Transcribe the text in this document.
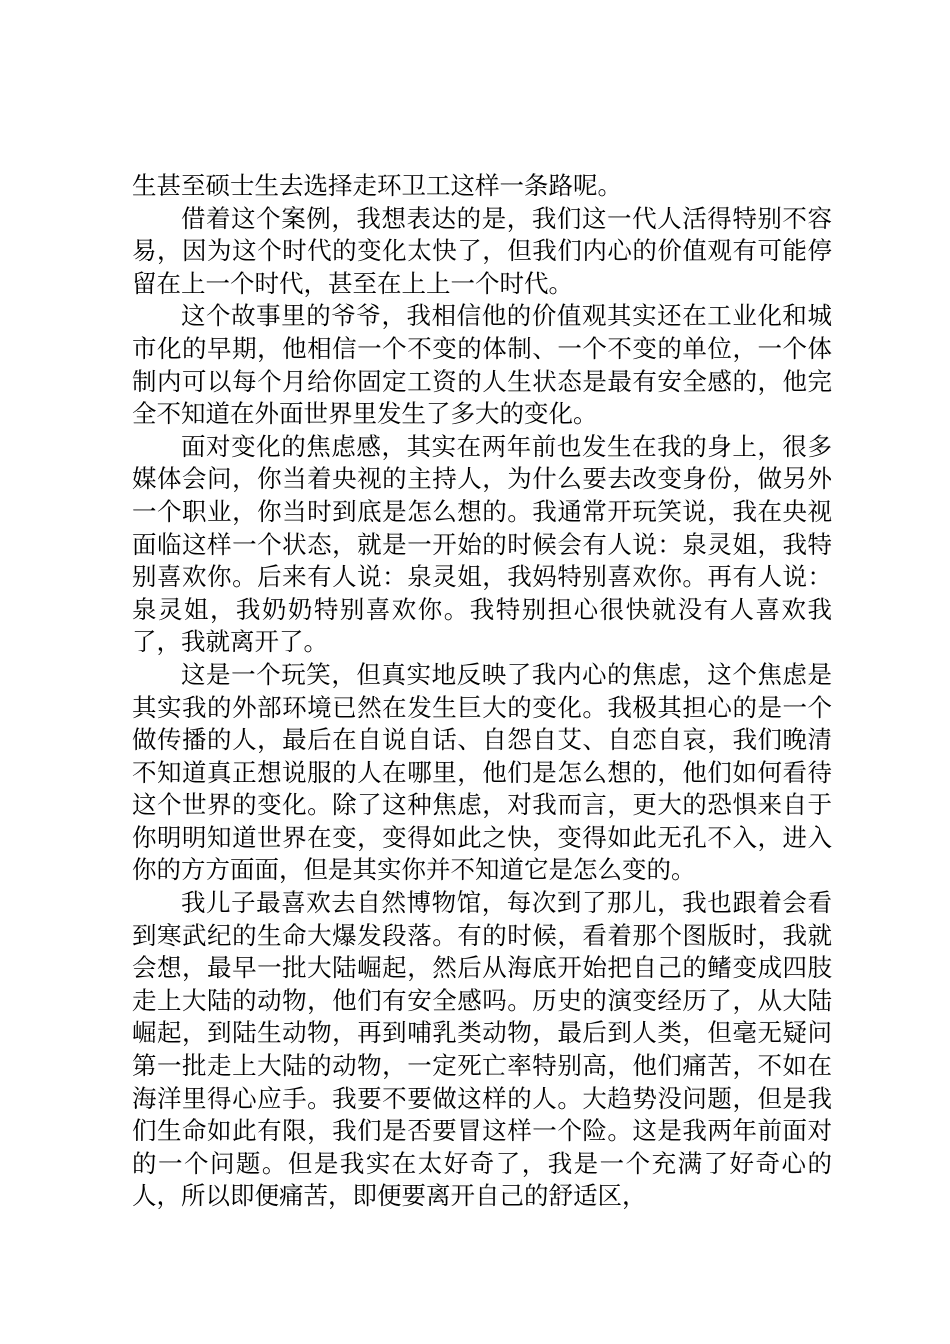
生甚至硕士生去选择走环卫工这样一条路呢。

借着这个案例，我想表达的是，我们这一代人活得特别不容易，因为这个时代的变化太快了，但我们内心的价值观有可能停留在上一个时代，甚至在上上一个时代。

这个故事里的爷爷，我相信他的价值观其实还在工业化和城市化的早期，他相信一个不变的体制、一个不变的单位，一个体制内可以每个月给你固定工资的人生状态是最有安全感的，他完全不知道在外面世界里发生了多大的变化。

面对变化的焦虑感，其实在两年前也发生在我的身上，很多媒体会问，你当着央视的主持人，为什么要去改变身份，做另外一个职业，你当时到底是怎么想的。我通常开玩笑说，我在央视面临这样一个状态，就是一开始的时候会有人说：泉灵姐，我特别喜欢你。后来有人说：泉灵姐，我妈特别喜欢你。再有人说：泉灵姐，我奶奶特别喜欢你。我特别担心很快就没有人喜欢我了，我就离开了。

这是一个玩笑，但真实地反映了我内心的焦虑，这个焦虑是其实我的外部环境已然在发生巨大的变化。我极其担心的是一个做传播的人，最后在自说自话、自怨自艾、自恋自哀，我们晚清不知道真正想说服的人在哪里，他们是怎么想的，他们如何看待这个世界的变化。除了这种焦虑，对我而言，更大的恐惧来自于你明明知道世界在变，变得如此之快，变得如此无孔不入，进入你的方方面面，但是其实你并不知道它是怎么变的。

我儿子最喜欢去自然博物馆，每次到了那儿，我也跟着会看到寒武纪的生命大爆发段落。有的时候，看着那个图版时，我就会想，最早一批大陆崛起，然后从海底开始把自己的鳍变成四肢走上大陆的动物，他们有安全感吗。历史的演变经历了，从大陆崛起，到陆生动物，再到哺乳类动物，最后到人类，但毫无疑问第一批走上大陆的动物，一定死亡率特别高，他们痛苦，不如在海洋里得心应手。我要不要做这样的人。大趋势没问题，但是我们生命如此有限，我们是否要冒这样一个险。这是我两年前面对的一个问题。但是我实在太好奇了，我是一个充满了好奇心的人，所以即便痛苦，即便要离开自己的舒适区，
